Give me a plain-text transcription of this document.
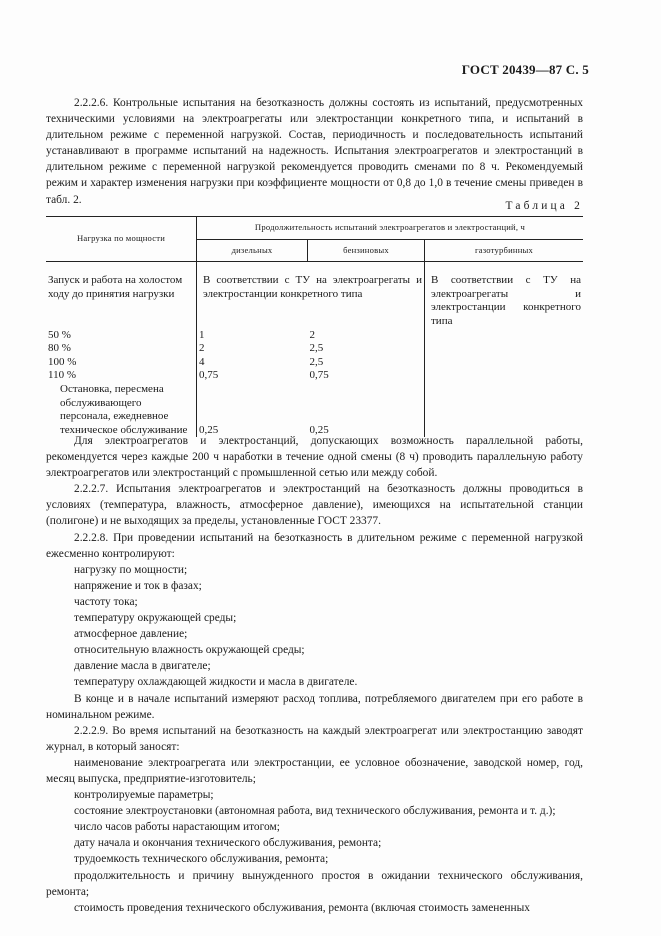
ГОСТ 20439—87 С. 5

2.2.2.6. Контрольные испытания на безотказность должны состоять из испытаний, предусмотренных техническими условиями на электроагрегаты или электростанции конкретного типа, и испытаний в длительном режиме с переменной нагрузкой. Состав, периодичность и последовательность испытаний устанавливают в программе испытаний на надежность. Испытания электроагрегатов и электростанций в длительном режиме с переменной нагрузкой рекомендуется проводить сменами по 8 ч. Рекомендуемый режим и характер изменения нагрузки при коэффициенте мощности от 0,8 до 1,0 в течение смены приведен в табл. 2.

Таблица 2
Нагрузка по мощности	Продолжительность испытаний электроагрегатов и электростанций, ч		
	дизельных	бензиновых	газотурбинных

Запуск и работа на холостом ходу до принятия нагрузки	В соответствии с ТУ на электроагрегаты и электростанции конкретного типа		В соответствии с ТУ на электроагрегаты и электростанции конкретного типа
50 %	1	2	
80 %	2	2,5	
100 %	4	2,5	
110 %	0,75	0,75	
Остановка, пересмена обслуживающего персонала, ежедневное техническое обслуживание	0,25	0,25	

Для электроагрегатов и электростанций, допускающих возможность параллельной работы, рекомендуется через каждые 200 ч наработки в течение одной смены (8 ч) проводить параллельную работу электроагрегатов или электростанций с промышленной сетью или между собой.

2.2.2.7. Испытания электроагрегатов и электростанций на безотказность должны проводиться в условиях (температура, влажность, атмосферное давление), имеющихся на испытательной станции (полигоне) и не выходящих за пределы, установленные ГОСТ 23377.

2.2.2.8. При проведении испытаний на безотказность в длительном режиме с переменной нагрузкой ежесменно контролируют:

нагрузку по мощности;
напряжение и ток в фазах;
частоту тока;
температуру окружающей среды;
атмосферное давление;
относительную влажность окружающей среды;
давление масла в двигателе;
температуру охлаждающей жидкости и масла в двигателе.

В конце и в начале испытаний измеряют расход топлива, потребляемого двигателем при его работе в номинальном режиме.

2.2.2.9. Во время испытаний на безотказность на каждый электроагрегат или электростанцию заводят журнал, в который заносят:

наименование электроагрегата или электростанции, ее условное обозначение, заводской номер, год, месяц выпуска, предприятие-изготовитель;
контролируемые параметры;
состояние электроустановки (автономная работа, вид технического обслуживания, ремонта и т. д.);
число часов работы нарастающим итогом;
дату начала и окончания технического обслуживания, ремонта;
трудоемкость технического обслуживания, ремонта;
продолжительность и причину вынужденного простоя в ожидании технического обслуживания, ремонта;
стоимость проведения технического обслуживания, ремонта (включая стоимость замененных
